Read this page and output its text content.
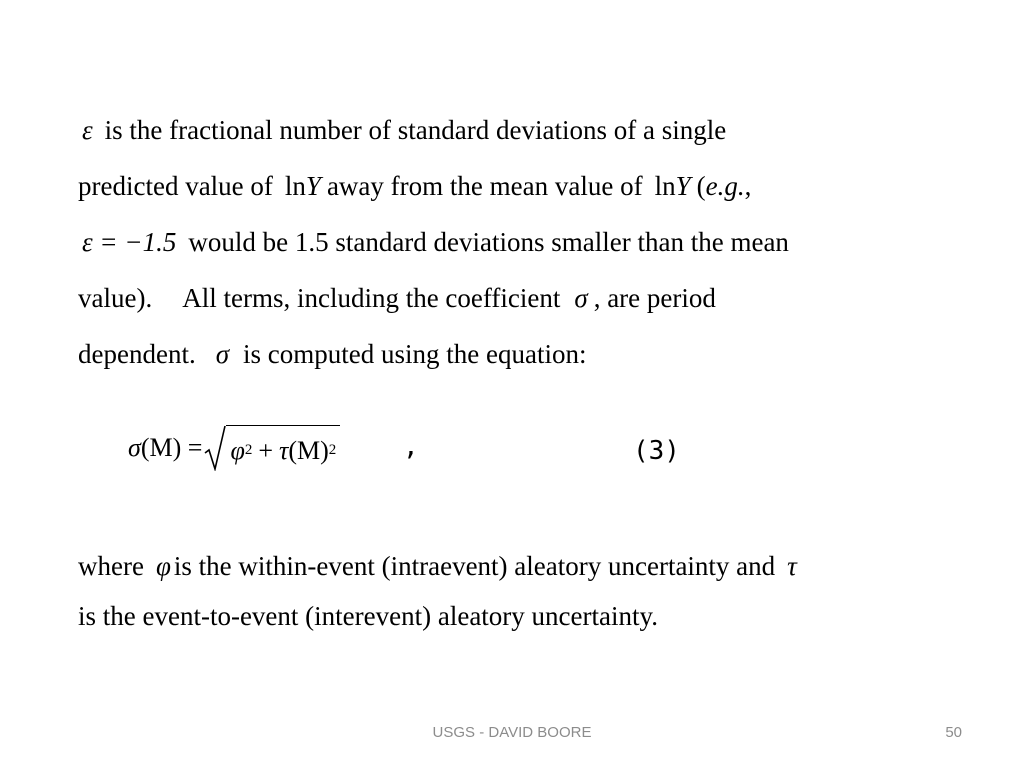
ε is the fractional number of standard deviations of a single
predicted value of lnY away from the mean value of lnY (e.g.,
ε = −1.5 would be 1.5 standard deviations smaller than the mean
value). All terms, including the coefficient σ , are period
dependent. σ is computed using the equation:
σ (M) = φ 2 + τ (M) 2	,	(3)
where φ is the within-event (intraevent) aleatory uncertainty and τ
is the event-to-event (interevent) aleatory uncertainty.
USGS - DAVID BOORE	50
